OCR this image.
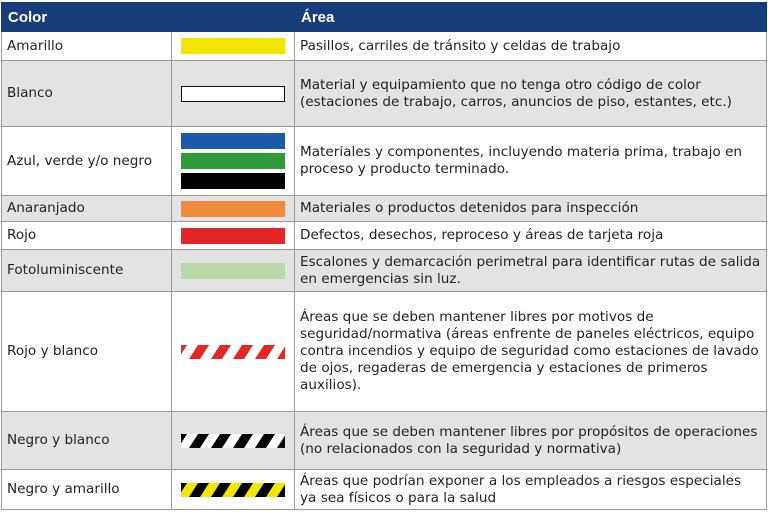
Color		Área
Amarillo		Pasillos, carriles de tránsito y celdas de trabajo
Blanco		Material y equipamiento que no tenga otro código de color (estaciones de trabajo, carros, anuncios de piso, estantes, etc.)
Azul, verde y/o negro		Materiales y componentes, incluyendo materia prima, trabajo en proceso y producto terminado.
Anaranjado		Materiales o productos detenidos para inspección
Rojo		Defectos, desechos, reproceso y áreas de tarjeta roja
Fotoluminiscente		Escalones y demarcación perimetral para identificar rutas de salida en emergencias sin luz.
Rojo y blanco		Áreas que se deben mantener libres por motivos de seguridad/normativa (áreas enfrente de paneles eléctricos, equipo contra incendios y equipo de seguridad como estaciones de lavado de ojos, regaderas de emergencia y estaciones de primeros auxilios).
Negro y blanco		Áreas que se deben mantener libres por propósitos de operaciones (no relacionados con la seguridad y normativa)
Negro y amarillo		Áreas que podrían exponer a los empleados a riesgos especiales ya sea físicos o para la salud
